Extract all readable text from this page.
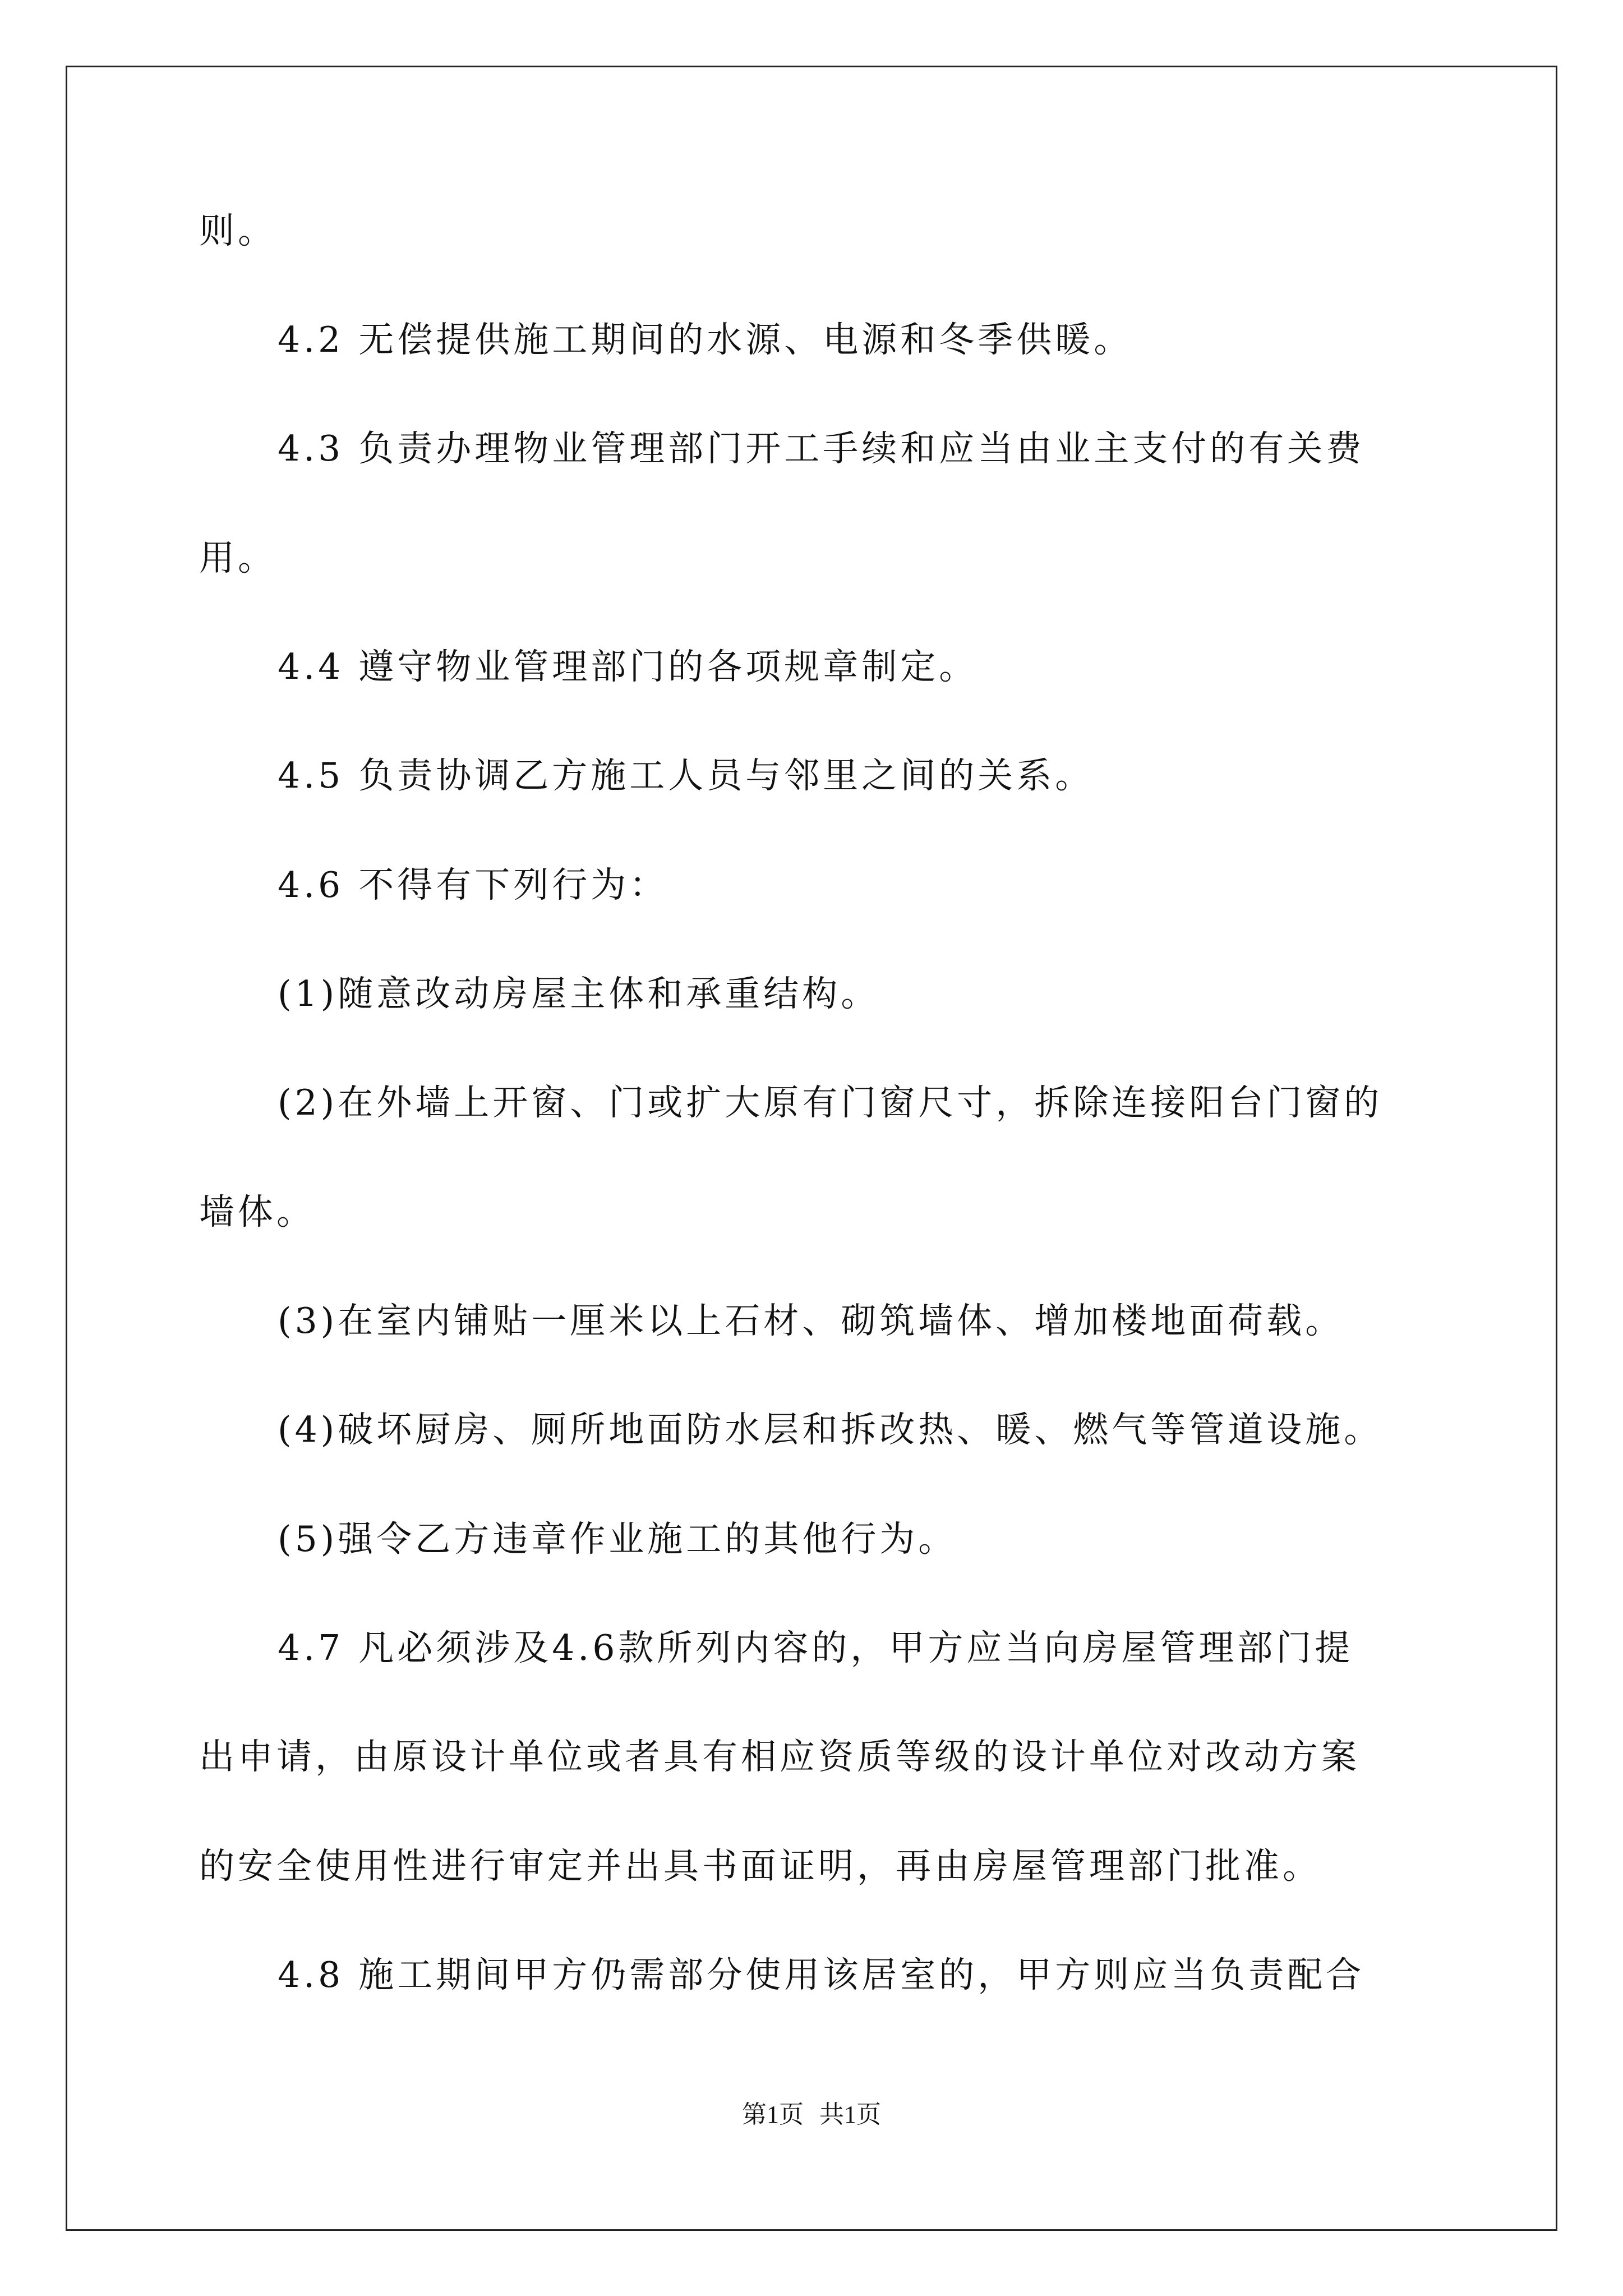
则。
4.2 无偿提供施工期间的水源、电源和冬季供暖。
4.3 负责办理物业管理部门开工手续和应当由业主支付的有关费
用。
4.4 遵守物业管理部门的各项规章制定。
4.5 负责协调乙方施工人员与邻里之间的关系。
4.6 不得有下列行为：
(1)随意改动房屋主体和承重结构。
(2)在外墙上开窗、门或扩大原有门窗尺寸，拆除连接阳台门窗的
墙体。
(3)在室内铺贴一厘米以上石材、砌筑墙体、增加楼地面荷载。
(4)破坏厨房、厕所地面防水层和拆改热、暖、燃气等管道设施。
(5)强令乙方违章作业施工的其他行为。
4.7 凡必须涉及4.6款所列内容的，甲方应当向房屋管理部门提
出申请，由原设计单位或者具有相应资质等级的设计单位对改动方案
的安全使用性进行审定并出具书面证明，再由房屋管理部门批准。
4.8 施工期间甲方仍需部分使用该居室的，甲方则应当负责配合
第1页 共1页
